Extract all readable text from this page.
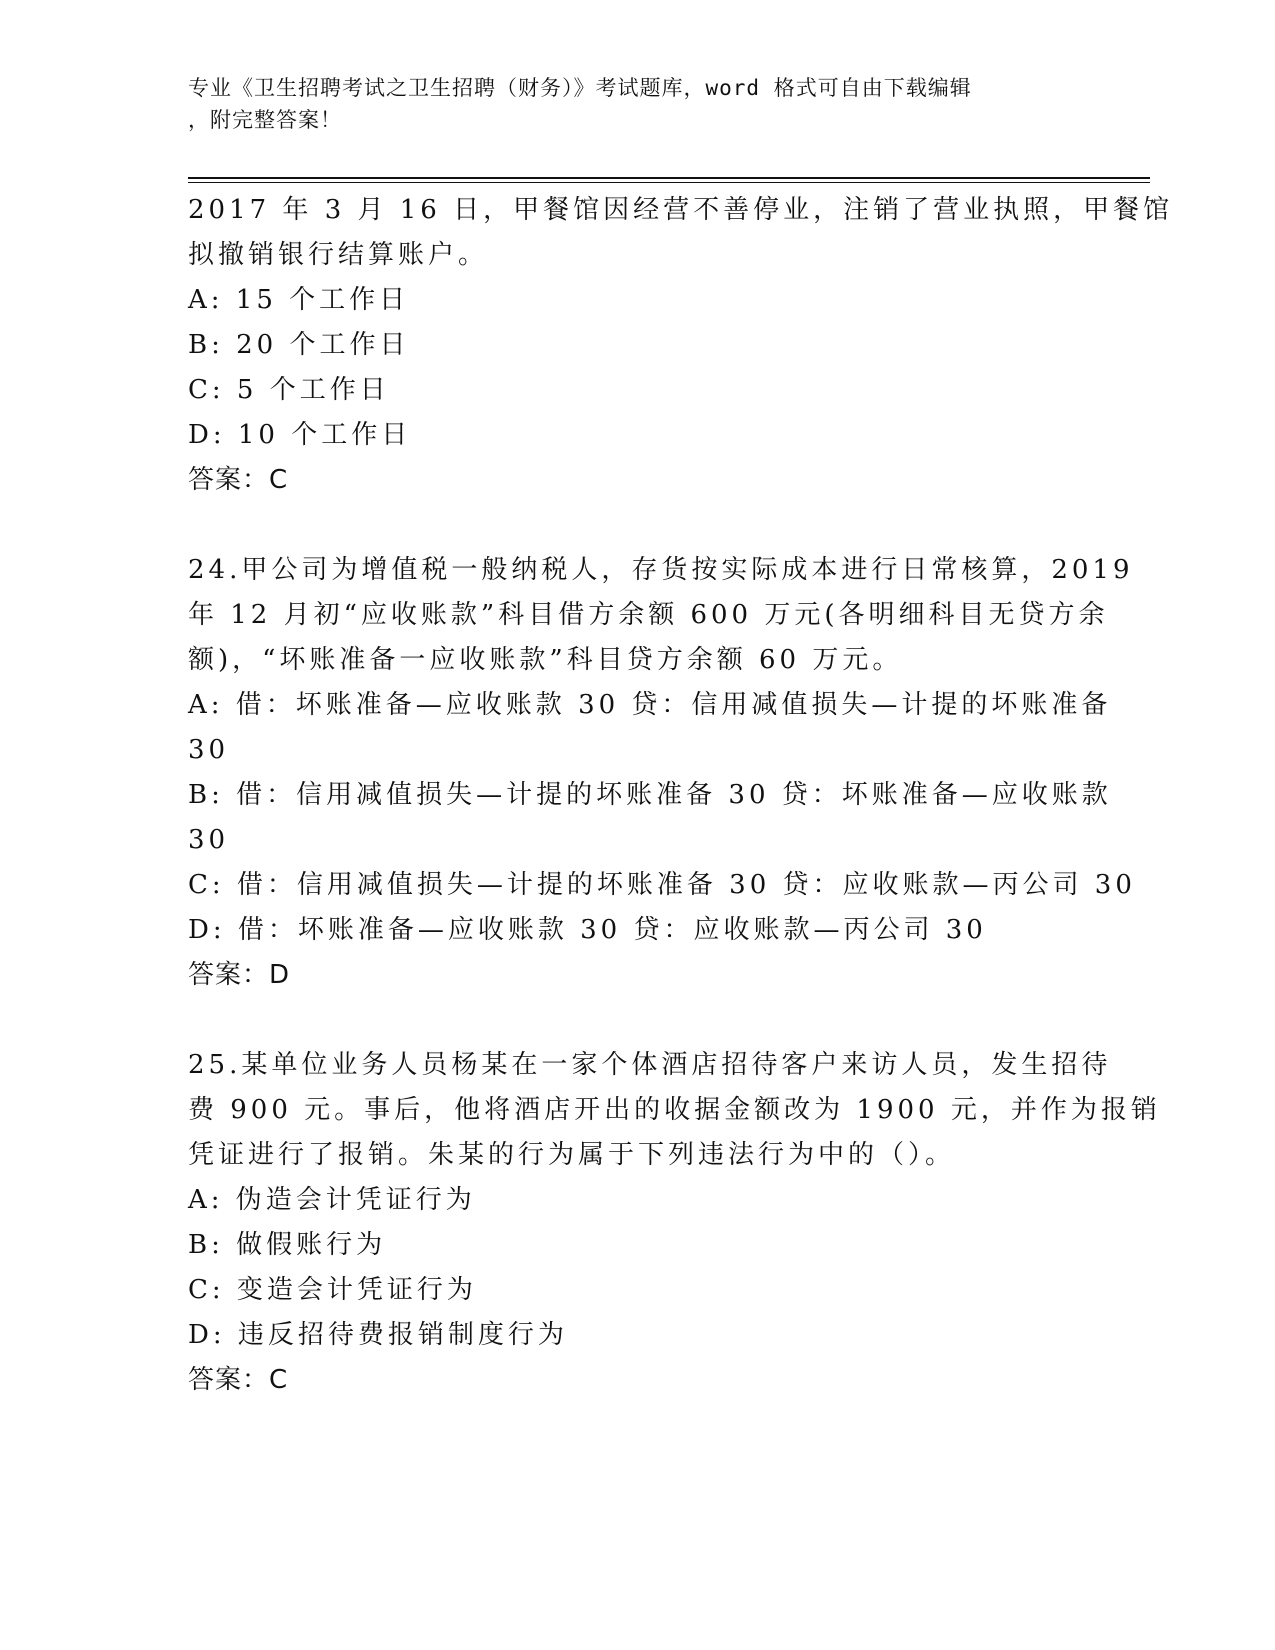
专业《卫生招聘考试之卫生招聘（财务）》考试题库，word 格式可自由下载编辑
，附完整答案！
2017 年 3 月 16 日，甲餐馆因经营不善停业，注销了营业执照，甲餐馆
拟撤销银行结算账户。
A: 15 个工作日
B: 20 个工作日
C: 5 个工作日
D: 10 个工作日
答案：C
24.甲公司为增值税一般纳税人，存货按实际成本进行日常核算，2019
年 12 月初“应收账款”科目借方余额 600 万元(各明细科目无贷方余
额)，“坏账准备一应收账款”科目贷方余额 60 万元。
A: 借：坏账准备—应收账款 30 贷：信用减值损失—计提的坏账准备
30
B: 借：信用减值损失—计提的坏账准备 30 贷：坏账准备—应收账款
30
C: 借：信用减值损失—计提的坏账准备 30 贷：应收账款—丙公司 30
D: 借：坏账准备—应收账款 30 贷：应收账款—丙公司 30
答案：D
25.某单位业务人员杨某在一家个体酒店招待客户来访人员，发生招待
费 900 元。事后，他将酒店开出的收据金额改为 1900 元，并作为报销
凭证进行了报销。朱某的行为属于下列违法行为中的（）。
A: 伪造会计凭证行为
B: 做假账行为
C: 变造会计凭证行为
D: 违反招待费报销制度行为
答案：C
